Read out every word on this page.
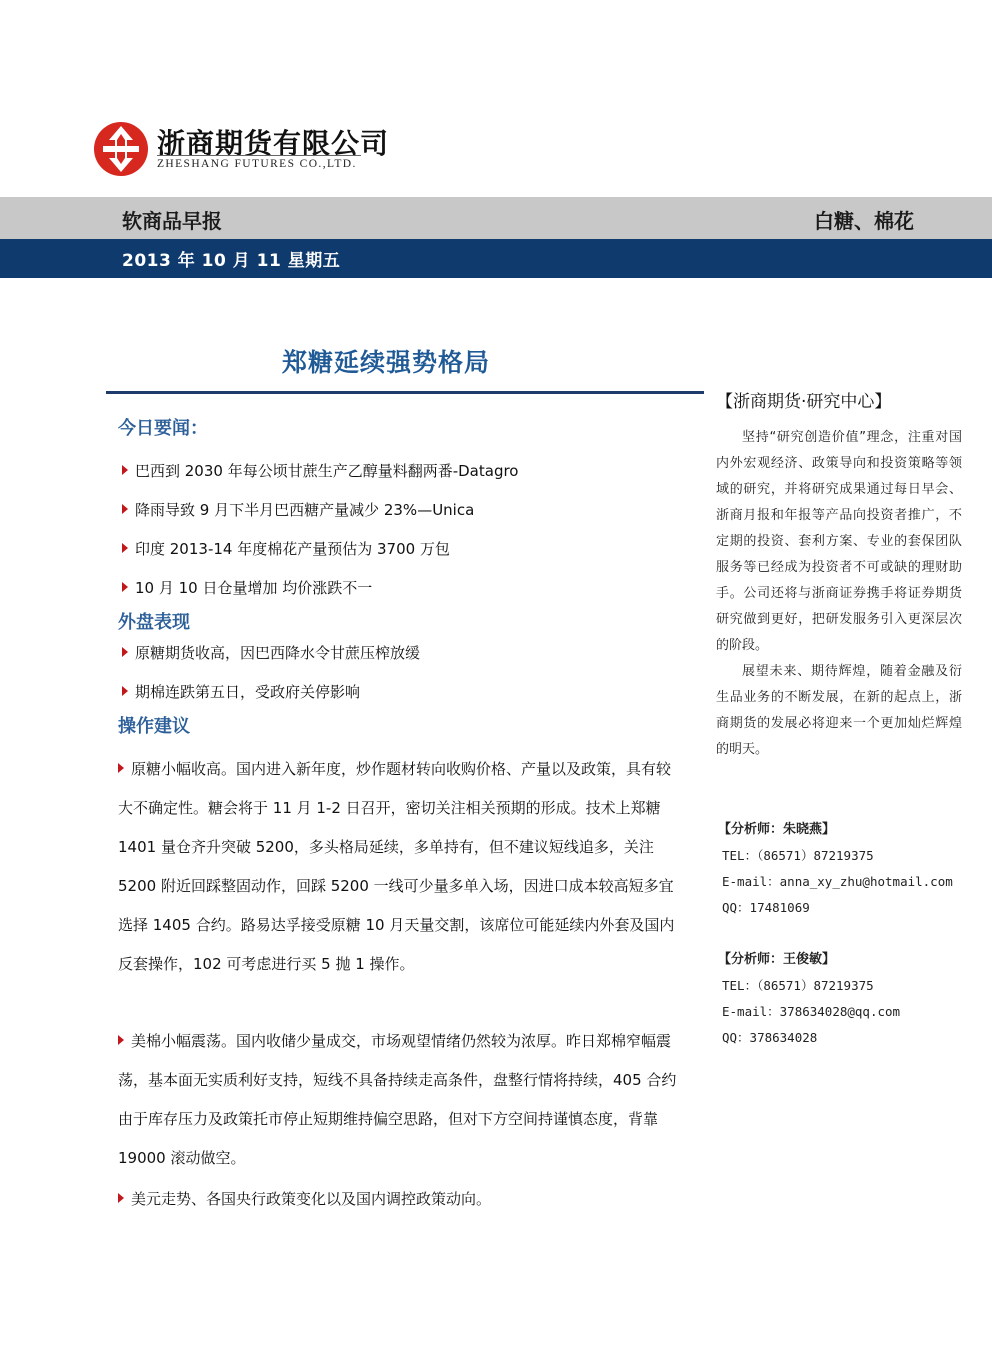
浙商期货有限公司
ZHESHANG FUTURES CO.,LTD.
软商品早报	白糖、棉花
2013 年 10 月 11 星期五
郑糖延续强势格局
今日要闻：
巴西到 2030 年每公顷甘蔗生产乙醇量料翻两番-Datagro
降雨导致 9 月下半月巴西糖产量减少 23%—Unica
印度 2013-14 年度棉花产量预估为 3700 万包
10 月 10 日仓量增加 均价涨跌不一
外盘表现
原糖期货收高，因巴西降水令甘蔗压榨放缓
期棉连跌第五日，受政府关停影响
操作建议

原糖小幅收高。国内进入新年度，炒作题材转向收购价格、产量以及政策，具有较大不确定性。糖会将于 11 月 1-2 日召开，密切关注相关预期的形成。技术上郑糖 1401 量仓齐升突破 5200，多头格局延续，多单持有，但不建议短线追多，关注 5200 附近回踩整固动作，回踩 5200 一线可少量多单入场，因进口成本较高短多宜选择 1405 合约。路易达孚接受原糖 10 月天量交割，该席位可能延续内外套及国内反套操作，102 可考虑进行买 5 抛 1 操作。

美棉小幅震荡。国内收储少量成交，市场观望情绪仍然较为浓厚。昨日郑棉窄幅震荡，基本面无实质利好支持，短线不具备持续走高条件，盘整行情将持续，405 合约由于库存压力及政策托市停止短期维持偏空思路，但对下方空间持谨慎态度，背靠 19000 滚动做空。

美元走势、各国央行政策变化以及国内调控政策动向。

【浙商期货·研究中心】

坚持“研究创造价值”理念，注重对国内外宏观经济、政策导向和投资策略等领域的研究，并将研究成果通过每日早会、浙商月报和年报等产品向投资者推广，不定期的投资、套利方案、专业的套保团队服务等已经成为投资者不可或缺的理财助手。公司还将与浙商证券携手将证券期货研究做到更好，把研发服务引入更深层次的阶段。

展望未来、期待辉煌，随着金融及衍生品业务的不断发展，在新的起点上，浙商期货的发展必将迎来一个更加灿烂辉煌的明天。

【分析师：朱晓燕】
TEL：（86571）87219375
E-mail：anna_xy_zhu@hotmail.com
QQ：17481069
【分析师：王俊敏】
TEL：（86571）87219375
E-mail：378634028@qq.com
QQ：378634028
